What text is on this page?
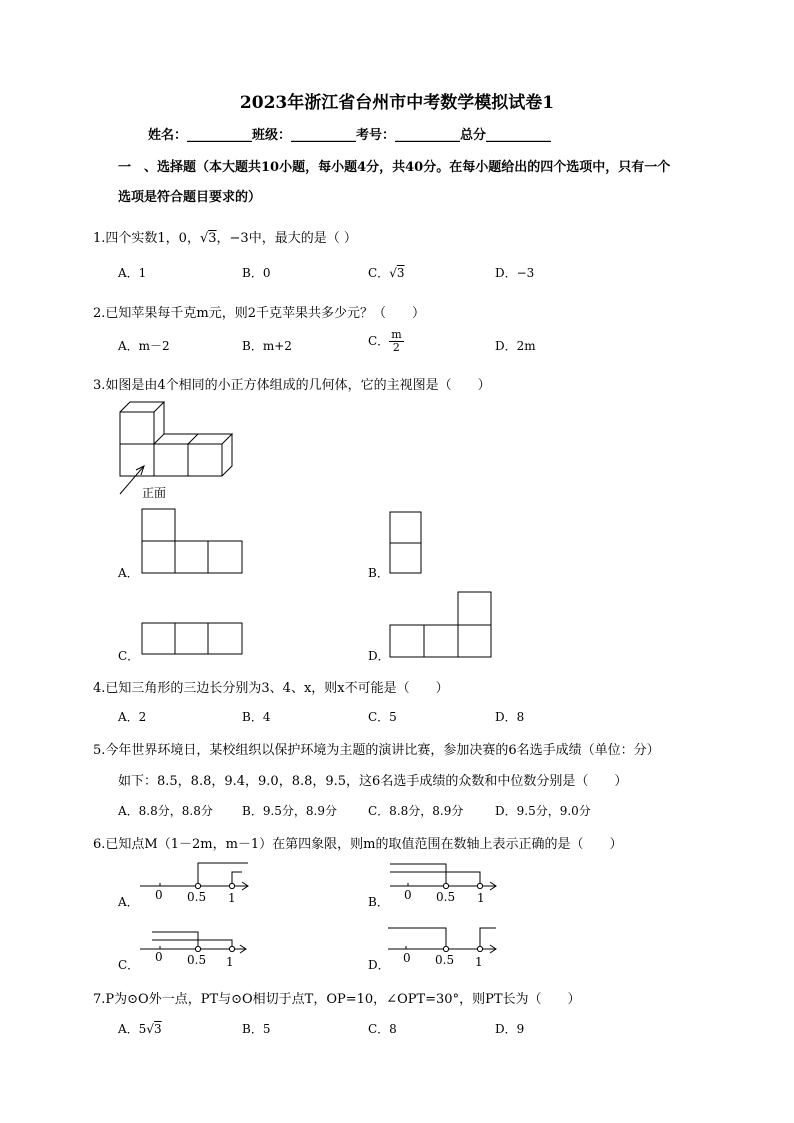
2023年浙江省台州市中考数学模拟试卷1
姓名：__________班级：__________考号：__________总分__________
一　、选择题（本大题共10小题，每小题4分，共40分。在每小题给出的四个选项中，只有一个
选项是符合题目要求的）
1.四个实数1，0，√3，−3中，最大的是（ ）
A．1	B．0	C．√3	D．−3
2.已知苹果每千克m元，则2千克苹果共多少元？（　　）
A．m－2	B．m+2	C． $\frac{m}{2}$	D．2m
3.如图是由4个相同的小正方体组成的几何体，它的主视图是（　　）
正面
A．	B．
C．	D．
4.已知三角形的三边长分别为3、4、x，则x不可能是（　　）
A．2	B．4	C．5	D．8
5.今年世界环境日，某校组织以保护环境为主题的演讲比赛，参加决赛的6名选手成绩（单位：分）
如下：8.5，8.8，9.4，9.0，8.8，9.5，这6名选手成绩的众数和中位数分别是（　　）
A．8.8分，8.8分 B．9.5分，8.9分	C．8.8分，8.9分	D．9.5分，9.0分
6.已知点M（1－2m，m－1）在第四象限，则m的取值范围在数轴上表示正确的是（　　）
A． 0 0.5 1	B． 0 0.5 1
C．
0 0.5 1	D． 0 0.5 1
7.P为⊙O外一点，PT与⊙O相切于点T，OP=10，∠OPT=30°，则PT长为（　　）
A．5√3	B．5	C．8	D．9
